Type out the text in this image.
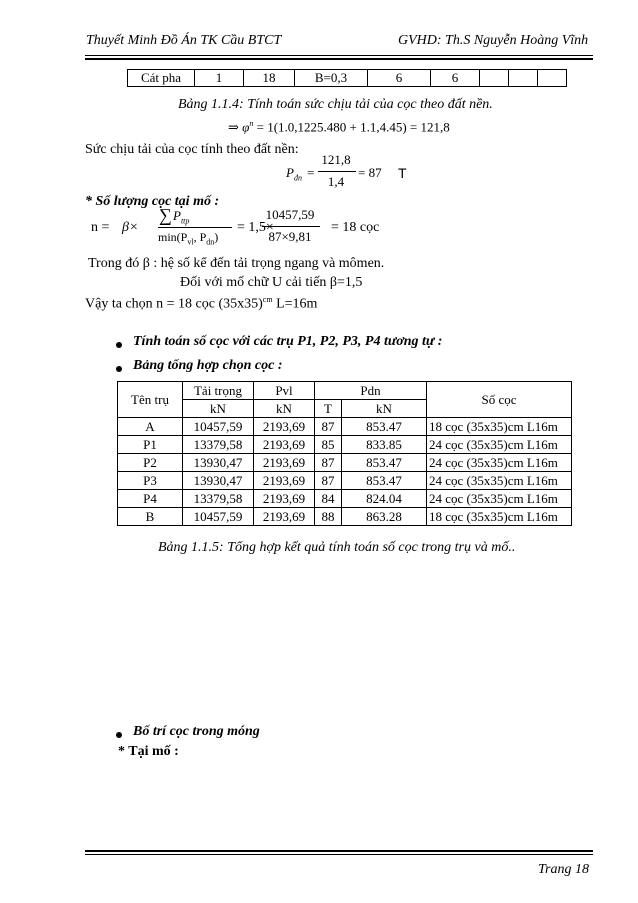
Thuyết Minh Đồ Án TK Cầu BTCT	GVHD: Th.S Nguyễn Hoàng Vĩnh
Cát pha	1	18	B=0,3	6	6			
Bảng 1.1.4: Tính toán sức chịu tải của cọc theo đất nền.
⇒ $\varphi^n = 1(1.0,1225.480 + 1.1,4.45) = 121,8$
Sức chịu tải của cọc tính theo đất nền:
$P_{đn}$ =
121,8
1,4
= 87 T
* Số lượng cọc tại mố :
n = β×
∑ $P_{ttp}$
$\min(P_{vl}$, $P_{dn}$)
= 1,5×
10457,59
87×9,81
= 18 cọc
Trong đó β : hệ số kể đến tải trọng ngang và mômen.
Đối với mố chữ U cải tiến β=1,5
Vậy ta chọn n = 18 cọc $(35x35)^{cm}$ L=16m
Tính toán số cọc với các trụ P1, P2, P3, P4 tương tự :
Bảng tổng hợp chọn cọc :
Tên trụ	Tải trọng	Pvl	Pdn		Số cọc
	kN	kN	T	kN	
A	10457,59	2193,69	87	853.47	18 cọc (35x35)cm L16m
P1	13379,58	2193,69	85	833.85	24 cọc (35x35)cm L16m
P2	13930,47	2193,69	87	853.47	24 cọc (35x35)cm L16m
P3	13930,47	2193,69	87	853.47	24 cọc (35x35)cm L16m
P4	13379,58	2193,69	84	824.04	24 cọc (35x35)cm L16m
B	10457,59	2193,69	88	863.28	18 cọc (35x35)cm L16m
Bảng 1.1.5: Tổng hợp kết quả tính toán số cọc trong trụ và mố..
Bố trí cọc trong móng
* Tại mố :
Trang 18
